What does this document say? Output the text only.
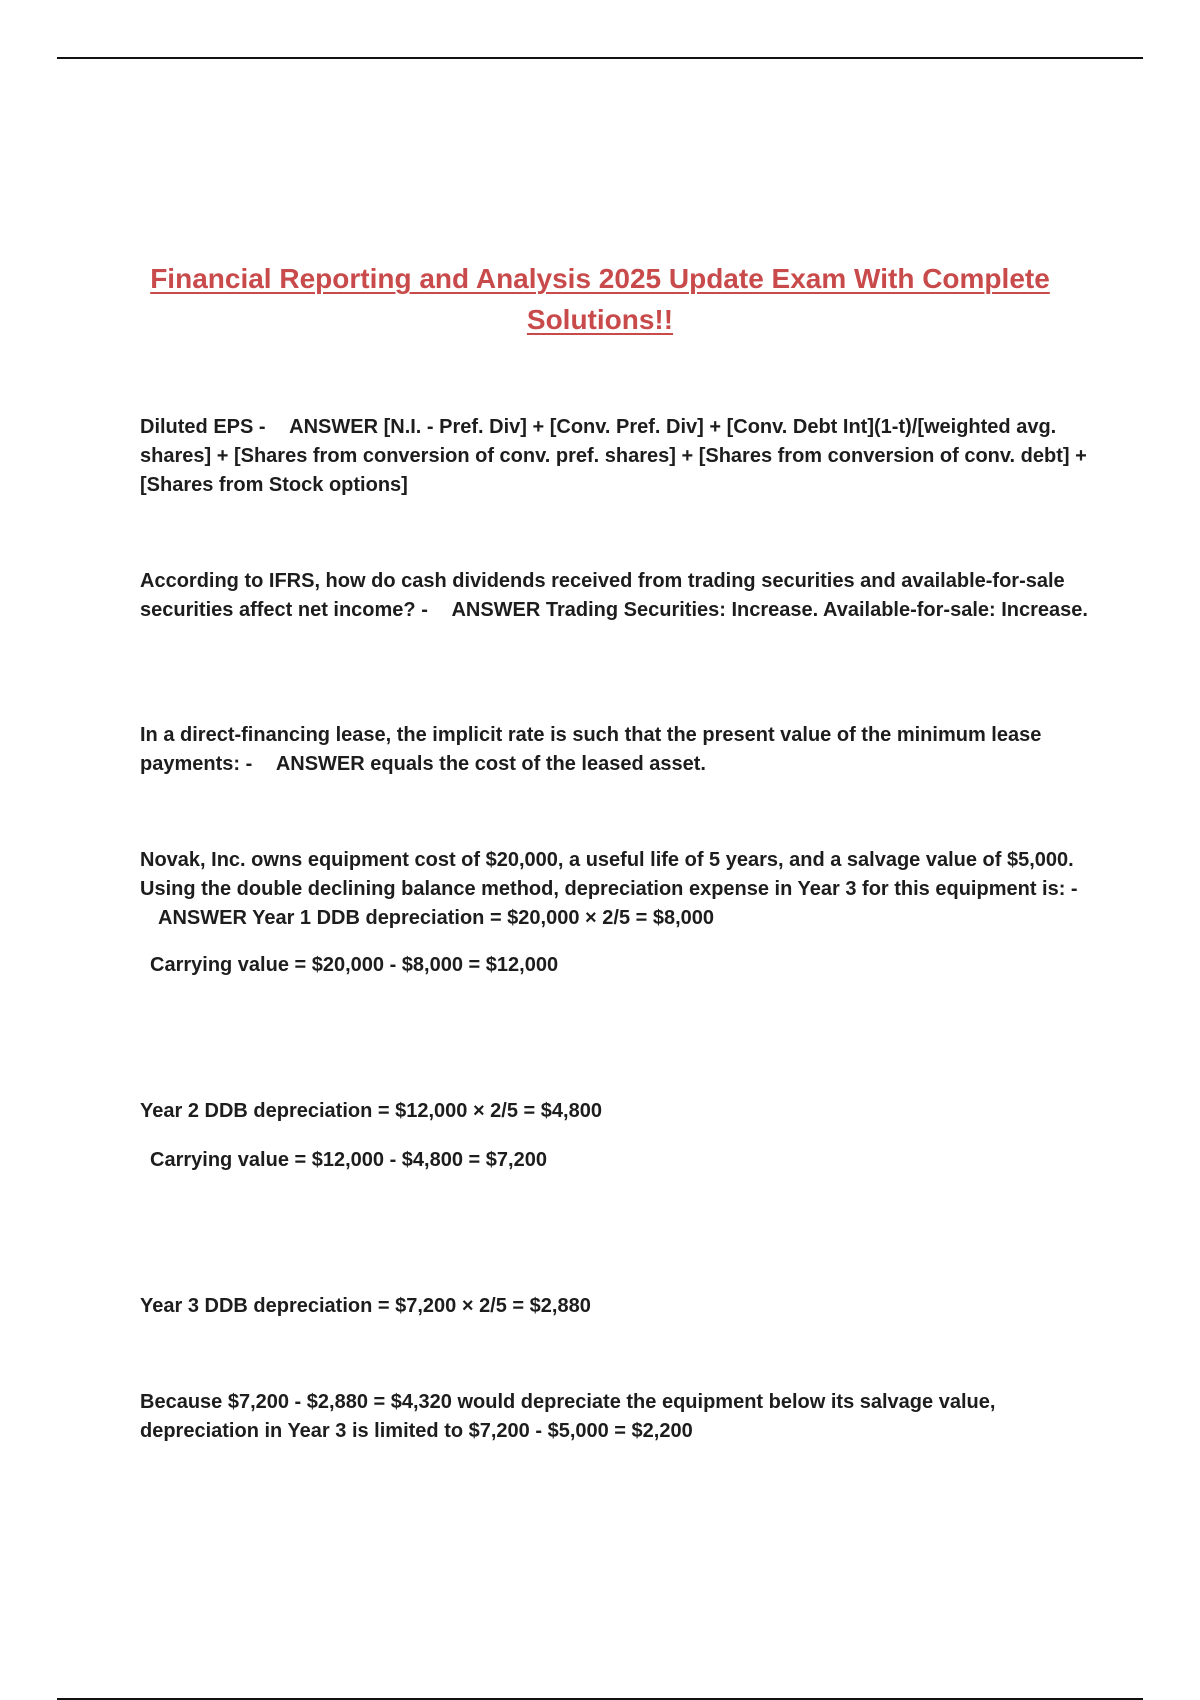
Financial Reporting and Analysis 2025 Update Exam With Complete Solutions!!

Diluted EPS - ANSWER [N.I. - Pref. Div] + [Conv. Pref. Div] + [Conv. Debt Int](1-t)/[weighted avg. shares] + [Shares from conversion of conv. pref. shares] + [Shares from conversion of conv. debt] + [Shares from Stock options]

According to IFRS, how do cash dividends received from trading securities and available-for-sale securities affect net income? - ANSWER Trading Securities: Increase. Available-for-sale: Increase.

In a direct-financing lease, the implicit rate is such that the present value of the minimum lease payments: - ANSWER equals the cost of the leased asset.

Novak, Inc. owns equipment cost of $20,000, a useful life of 5 years, and a salvage value of $5,000. Using the double declining balance method, depreciation expense in Year 3 for this equipment is: - ANSWER Year 1 DDB depreciation = $20,000 × 2/5 = $8,000

Carrying value = $20,000 - $8,000 = $12,000

Year 2 DDB depreciation = $12,000 × 2/5 = $4,800

Carrying value = $12,000 - $4,800 = $7,200

Year 3 DDB depreciation = $7,200 × 2/5 = $2,880

Because $7,200 - $2,880 = $4,320 would depreciate the equipment below its salvage value, depreciation in Year 3 is limited to $7,200 - $5,000 = $2,200
